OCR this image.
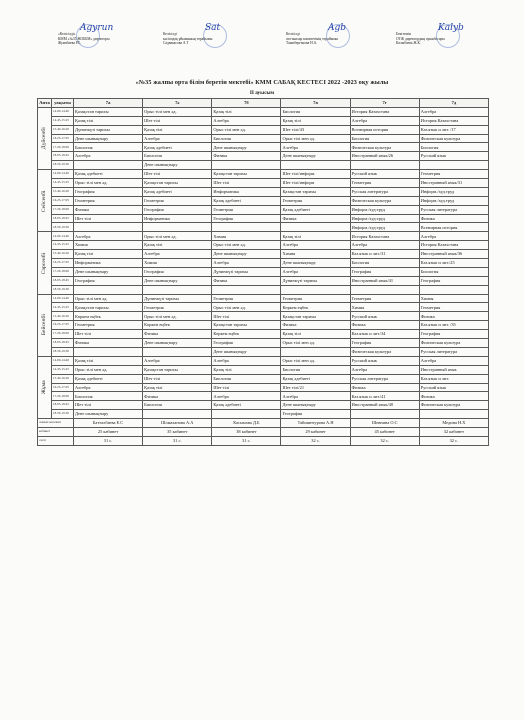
Agyrun
«Келісілді»
КММ «№35 ЖОББМ» директоры
Жумабаева Р.Б.
Sat
Келісілді
кәсіподақ ұйымының төрайымы
Садвакасова А.Т
Agb
Келісілді
ата-аналар комитетінің төрайымы
Тажибергенова Н.А.
Kalyb
Бекітемін
ОТЖ директордың орынбасары
Калыбаева Ж.К.
«№35 жалпы орта білім беретін мектебі» КММ САБАҚ КЕСТЕСІ 2022 -2023 оқу жылы
ІІ ауысым
Апта	уақыты	7а	7ә	7б	7в	7г	7д
Дүйсенбі	14.00-14.40	Қазақстан тарихы	Орыс тілі мен әд.	Қазақ тілі	Биология	История Казахстана	Алгебра
	14.45-15.25	Қазақ тілі	Шет тілі	Алгебра	Қазақ тілі	Алгебра	История Казахстана
	15.40-16.20	Дүниежүзі тарихы	Қазақ тілі	Орыс тілі мен әд.	Шет тілі/43	Всемирная история	Каз.язык и лит. /17
	16.25-17.05	Дене шынықтыру	Алгебра	Биология	Орыс тілі мен әд.	Биология	Физическая культура
	17.20-18.00	Биология	Қазақ әдебиеті	Дене шынықтыру	Алгебра	Физическая культура	Биология
	18.05-18.45	Алгебра	Биология	Физика	Дене шынықтыру	Иностранный язык/26	Русский язык
	18.50-19.30		Дене шынықтыру				
Сейсенбі	14.00-14.40	Қазақ әдебиеті	Шет тілі	Қазақстан тарихы	Шет тілі/информ.	Русский язык	Геометрия
	14.45-15.25	Орыс тілі мен әд.	Қазақстан тарихы	Шет тілі	Шет тілі/информ	Геометрия	Иностранный язык/31
	15.40-16.20	География	Қазақ әдебиеті	Информатика	Қазақстан тарихы	Русская литература	Информ./худ.труд
	16.25-17.05	Геометрия	Геометрия	Қазақ әдебиеті	Геометрия	Физическая культура	Информ./худ.труд
	17.20-18.00	Физика	География	Геометрия	Қазақ әдебиеті	Информ./худ.труд	Русская литература
	18.05-18.45	Шет тілі	Информатика	География	Физика	Информ./худ.труд	Физика
	18.50-19.30					Информ./худ.труд	Всемирная история
Сәрсенбі	14.00-14.40	Алгебра	Орыс тілі мен әд.	Химия	Қазақ тілі	История Казахстана	Алгебра
	14.45-15.25	Химия	Қазақ тілі	Орыс тілі мен әд.	Алгебра	Алгебра	История Казахстана
	15.40-16.20	Қазақ тілі	Алгебра	Дене шынықтыру	Химия	Каз.язык и лит./31	Иностранный язык/36
	16.25-17.05	Информатика	Химия	Алгебра	Дене шынықтыру	Биология	Каз.язык и лит./25
	17.20-18.00	Дене шынықтыру	География	Дүниежүзі тарихы	Алгебра	География	Биология
	18.05-18.45	География	Дене шынықтыру	Физика	Дүниежүзі тарихы	Иностранный язык/41	География
	18.50-19.30						
Бейсенбі	14.00-14.40	Орыс тілі мен әд.	Дүниежүзі тарихы	Геометрия	Геометрия	Геометрия	Химия
	14.45-15.25	Қазақстан тарихы	Геометрия	Орыс тілі мен әд.	Көркем еңбек	Химия	Геометрия
	15.40-16.20	Көркем еңбек	Орыс тілі мен әд.	Шет тілі	Қазақстан тарихы	Русский язык	Физика
	16.25-17.05	Геометрия	Көркем еңбек	Қазақстан тарихы	Физика	Физика	Каз.язык и лит. /35
	17.20-18.00	Шет тілі	Физика	Көркем еңбек	Қазақ тілі	Каз.язык и лит./34	География
	18.05-18.45	Физика	Дене шынықтыру	География	Орыс тілі мен әд.	География	Физическая культура
	18.50-19.30			Дене шынықтыру		Физическая культура	Русская литература
Жұма	14.00-14.40	Қазақ тілі	Алгебра	Алгебра	Орыс тілі мен әд.	Русский язык	Алгебра
	14.45-15.25	Орыс тілі мен әд.	Қазақстан тарихы	Қазақ тілі	Биология	Алгебра	Иностранный язык
	15.40-16.20	Қазақ әдебиеті	Шет тілі	Биология	Қазақ әдебиеті	Русская литература	Каз.язык и лит.
	16.25-17.05	Алгебра	Қазақ тілі	Шет тілі	Шет тілі/21	Физика	Русский язык
	17.20-18.00	Биология	Физика	Алгебра	Алгебра	Каз.язык и лит./41	Физика
	18.05-18.45	Шет тілі	Биология	Қазақ әдебиеті	Дене шынықтыру	Иностранный язык/40	Физическая культура
	18.50-19.30	Дене шынықтыру			География		
сынып жетекші		Батталбаева Е.С	Шомаханова А.А	Касымова Д.Б	Тайшинтурова А.Н	Шевнина О.С	Медина Н.Х
кабинет		25 кабинет	35 кабинет	38 кабинет	29 кабинет	45 кабинет	32 кабинет
сағат		31 с.	31 с.	31 с.	32 с.	32 с.	32 с.
